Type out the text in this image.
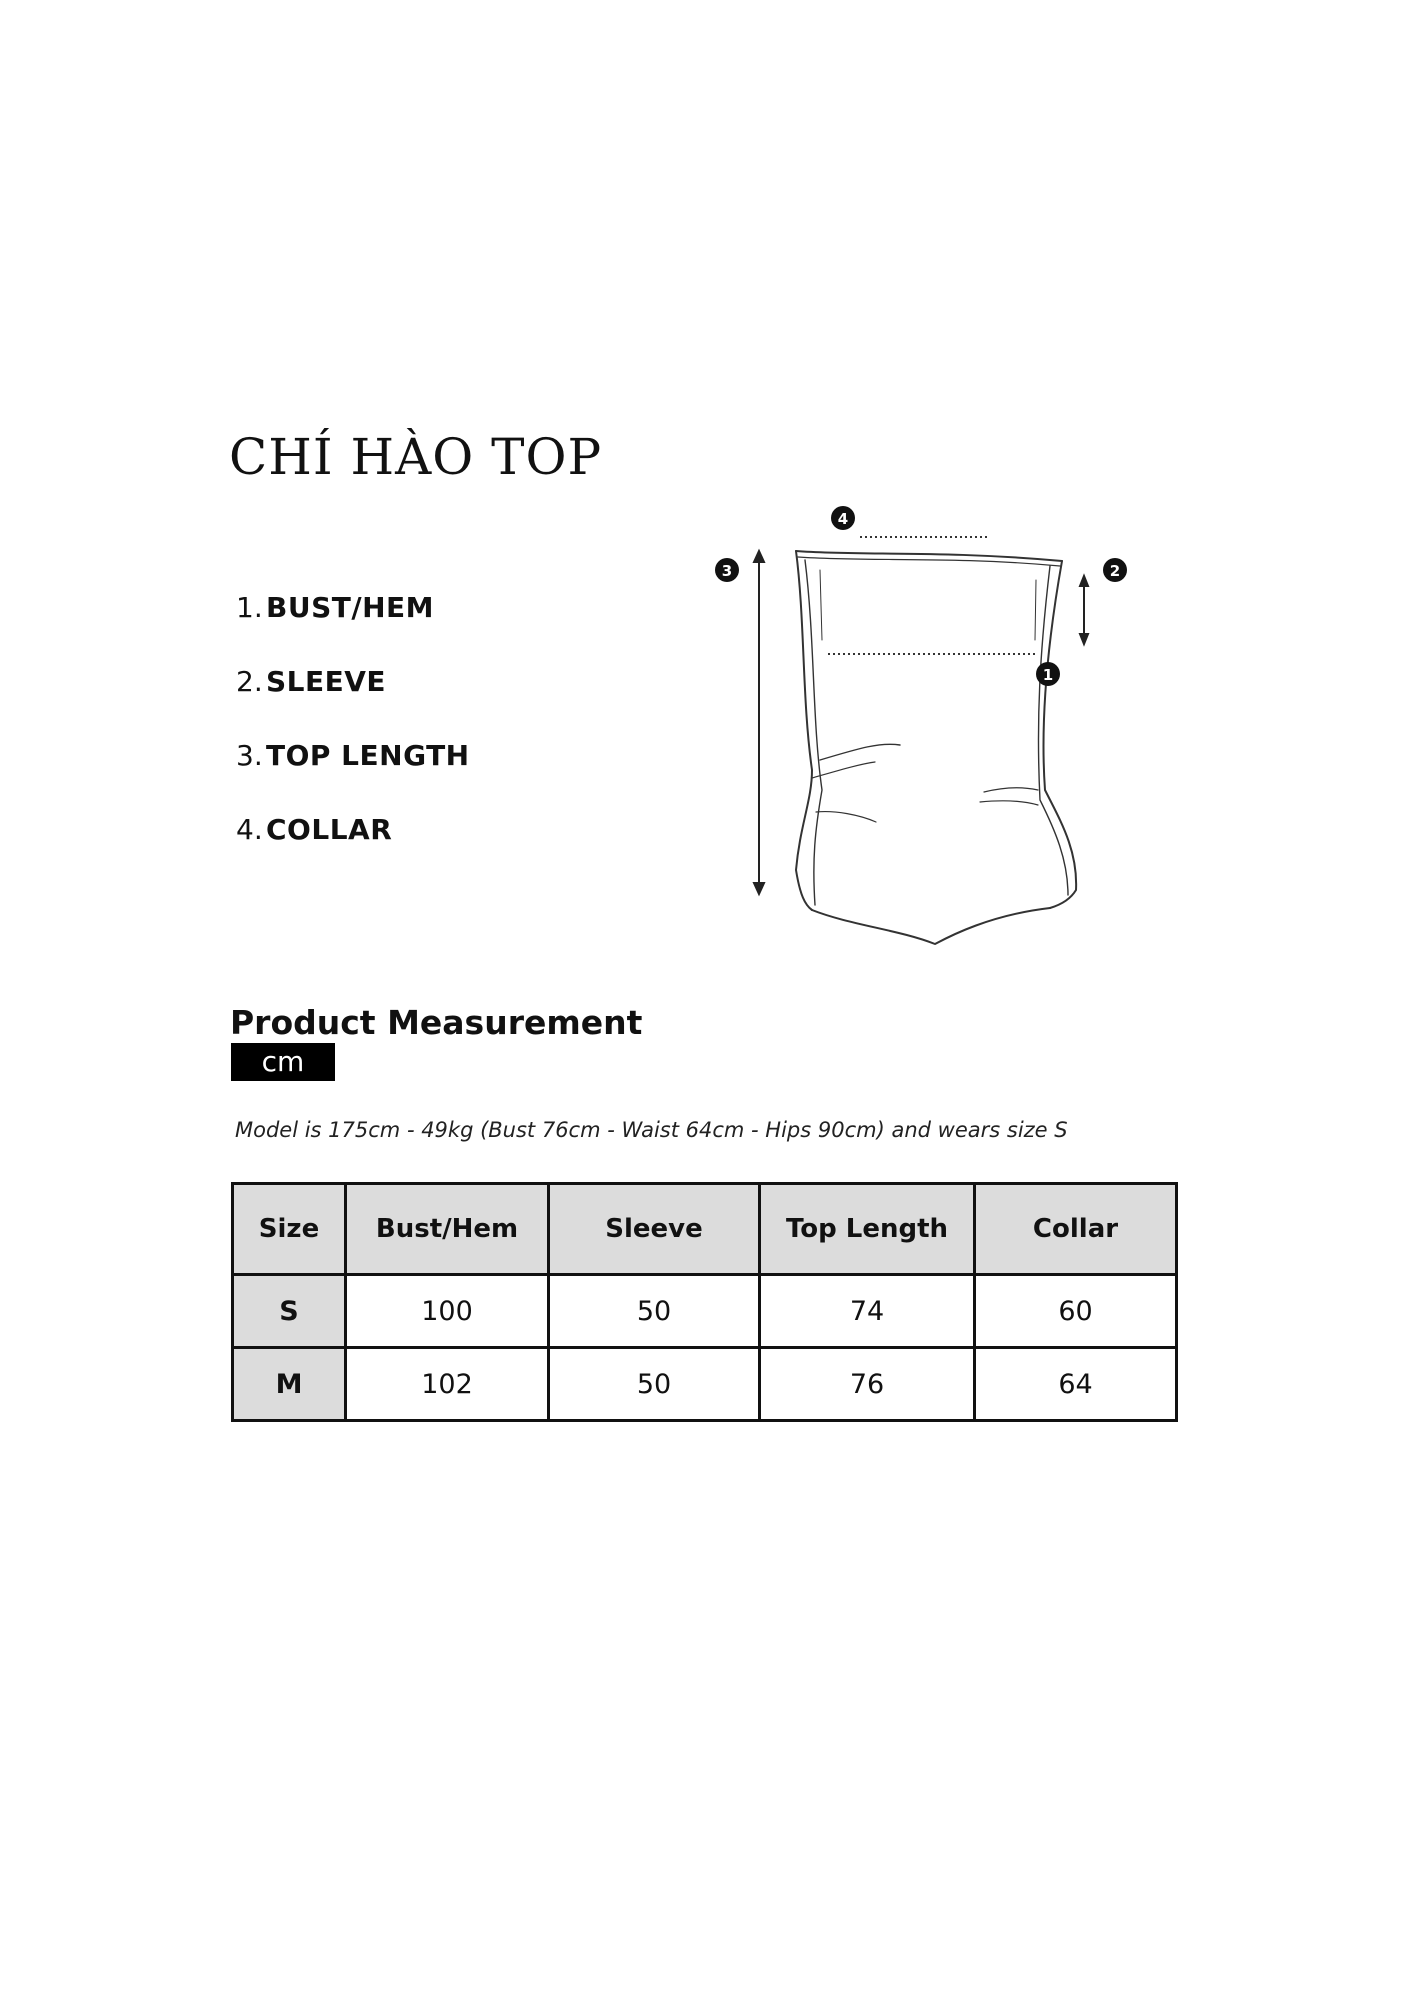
CHÍ HÀO TOP
1. BUST/HEM
2. SLEEVE
3. TOP LENGTH
4. COLLAR
1
2
3
4
Product Measurement
cm
Model is 175cm - 49kg (Bust 76cm - Waist 64cm - Hips 90cm) and wears size S
Size	Bust/Hem	Sleeve	Top Length	Collar
S	100	50	74	60
M	102	50	76	64
